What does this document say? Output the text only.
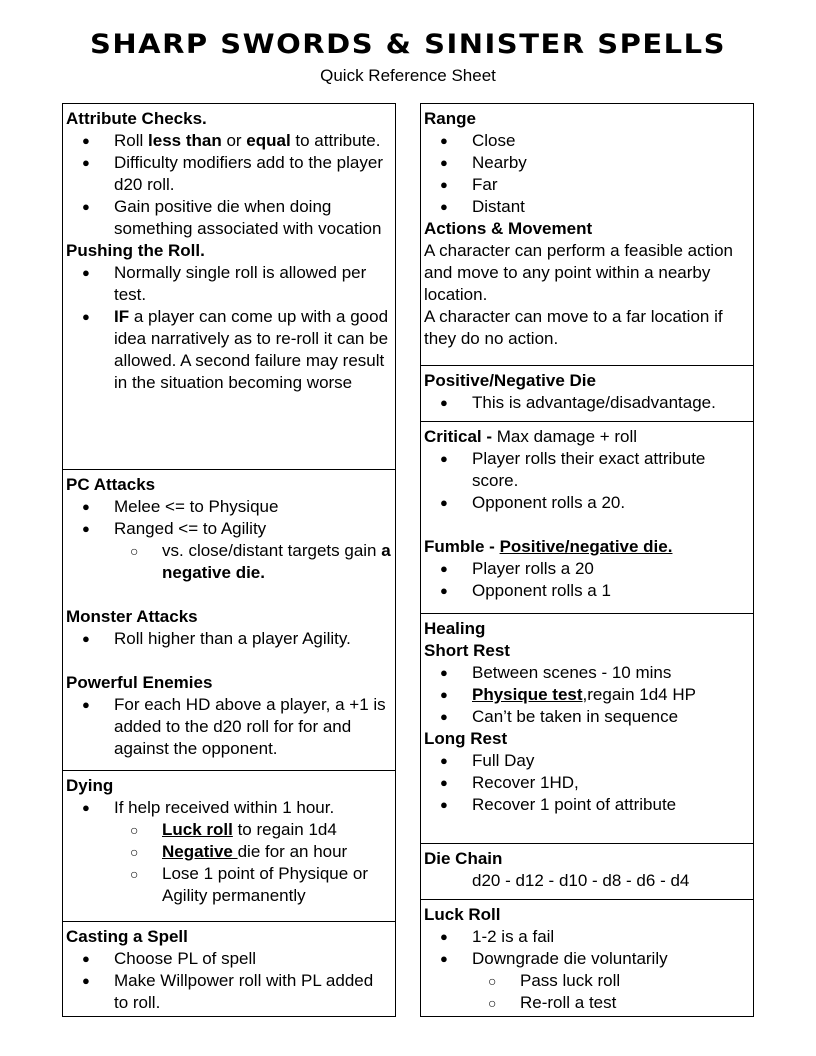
SHARP SWORDS & SINISTER SPELLS
Quick Reference Sheet
Attribute Checks.
● Roll less than or equal to attribute.
● Difficulty modifiers add to the player d20 roll.
● Gain positive die when doing something associated with vocation
Pushing the Roll.
● Normally single roll is allowed per test.
● IF a player can come up with a good idea narratively as to re-roll it can be allowed. A second failure may result in the situation becoming worse
PC Attacks
● Melee <= to Physique
● Ranged <= to Agility
○ vs. close/distant targets gain a negative die.
Monster Attacks
● Roll higher than a player Agility.
Powerful Enemies
● For each HD above a player, a +1 is added to the d20 roll for for and against the opponent.
Dying
● If help received within 1 hour.
○ Luck roll to regain 1d4
○ Negative die for an hour
○ Lose 1 point of Physique or Agility permanently
Casting a Spell
● Choose PL of spell
● Make Willpower roll with PL added to roll.
Range
● Close
● Nearby
● Far
● Distant
Actions & Movement
A character can perform a feasible action and move to any point within a nearby location.
A character can move to a far location if they do no action.
Positive/Negative Die
● This is advantage/disadvantage.
Critical - Max damage + roll
● Player rolls their exact attribute score.
● Opponent rolls a 20.
Fumble - Positive/negative die.
● Player rolls a 20
● Opponent rolls a 1
Healing
Short Rest
● Between scenes - 10 mins
● Physique test,regain 1d4 HP
● Can’t be taken in sequence
Long Rest
● Full Day
● Recover 1HD,
● Recover 1 point of attribute
Die Chain
d20 - d12 - d10 - d8 - d6 - d4
Luck Roll
● 1-2 is a fail
● Downgrade die voluntarily
○ Pass luck roll
○ Re-roll a test
